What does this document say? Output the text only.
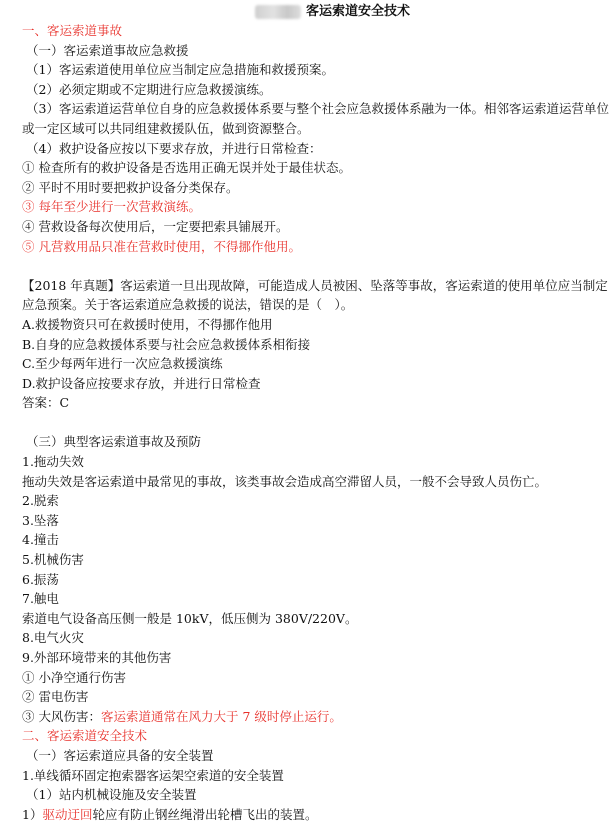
客运索道安全技术
一、客运索道事故
（一）客运索道事故应急救援
（1）客运索道使用单位应当制定应急措施和救援预案。
（2）必须定期或不定期进行应急救援演练。
（3）客运索道运营单位自身的应急救援体系要与整个社会应急救援体系融为一体。相邻客运索道运营单位
或一定区域可以共同组建救援队伍，做到资源整合。
（4）救护设备应按以下要求存放，并进行日常检查：
① 检查所有的救护设备是否选用正确无误并处于最佳状态。
② 平时不用时要把救护设备分类保存。
③ 每年至少进行一次营救演练。
④ 营救设备每次使用后，一定要把索具铺展开。
⑤ 凡营救用品只准在营救时使用，不得挪作他用。
【2018 年真题】客运索道一旦出现故障，可能造成人员被困、坠落等事故，客运索道的使用单位应当制定
应急预案。关于客运索道应急救援的说法，错误的是（　）。
A.救援物资只可在救援时使用，不得挪作他用
B.自身的应急救援体系要与社会应急救援体系相衔接
C.至少每两年进行一次应急救援演练
D.救护设备应按要求存放，并进行日常检查
答案：C
（三）典型客运索道事故及预防
1.拖动失效
拖动失效是客运索道中最常见的事故，该类事故会造成高空滞留人员，一般不会导致人员伤亡。
2.脱索
3.坠落
4.撞击
5.机械伤害
6.振荡
7.触电
索道电气设备高压侧一般是 10kV，低压侧为 380V/220V。
8.电气火灾
9.外部环境带来的其他伤害
① 小净空通行伤害
② 雷电伤害
③ 大风伤害：客运索道通常在风力大于 7 级时停止运行。
二、客运索道安全技术
（一）客运索道应具备的安全装置
1.单线循环固定抱索器客运架空索道的安全装置
（1）站内机械设施及安全装置
1）驱动迂回轮应有防止钢丝绳滑出轮槽飞出的装置。
